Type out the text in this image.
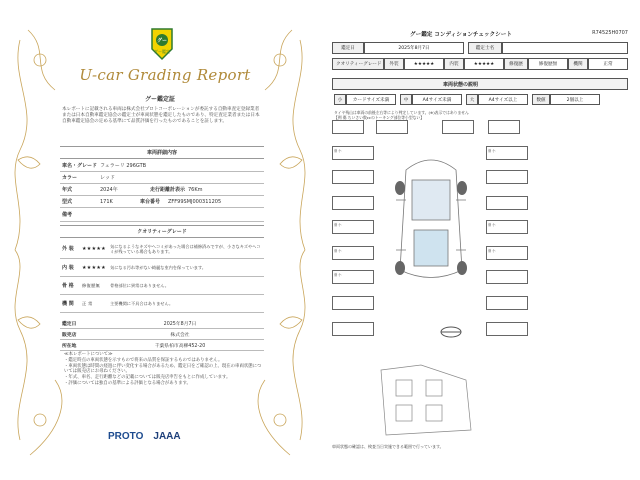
グー
グー鑑定
U-car Grading Report
グー鑑定証
本レポートに記載される車両は株式会社プロトコーポレーションが委託する自動車査定登録業者または日本自動車鑑定協会の鑑定士が車両状態を鑑定したものであり、特定査定業者または日本自動車鑑定協会の定める基準にて品質評価を行ったものであることを証します。
車両詳細内容
車名・グレード フェラーリ 296GTB
カラー	レッド
年式	2024年	走行距離計表示 76Km
型式	171K	車台番号	ZFF99SMJ000311205
備考
クオリティーグレード
外 装	★★★★★ 気になるようなキズやヘコミがあった場合は補修済みですが、小さなキズやヘコミが残っている場合もあります。
内 装	★★★★★ 気になる汚れ等がない綺麗な室内を保っています。
骨 格	修復歴無	骨格部位に異常はありません。
機 関	正 常	主要機関に不具合はありません。
鑑定日	2025年8月7日
販売店	株式会社
所在地	千葉県柏市高柳452-20
≪本レポートについて≫
・鑑定時点の車両状態を示すもので将来の品質を保証するものではありません。
・車両状態は時間の経過に伴い変化する場合があるため、鑑定日をご確認の上、現在の車両状態については販売店にお尋ねください。
・年式、車名、走行距離などの記載については販売店申告をもとに作成しています。
・評価については独自の基準による評価となる場合があります。
PROTO JAAA
グー鑑定 コンディションチェックシート	R74525H0707
鑑定日	2025年8月7日	鑑定士名
クオリティーグレード	外装	★★★★★	内装	★★★★★	修復歴	修復歴無	機関	正常
車両状態の説明
小	カードサイズ未満	中	A4サイズ未満	大	A4サイズ以上	数値	2個以上
タイヤ残山は車両の前後左右等により判定しています。(※)表示ではありません
【例 傷 ちいさい数ccのトーキング部位等小型ない】
傷 小
傷 小
傷 小
傷 小
傷 小
傷 小
傷 小
車両状態の確認は、検査当日実施できる範囲で行っています。
